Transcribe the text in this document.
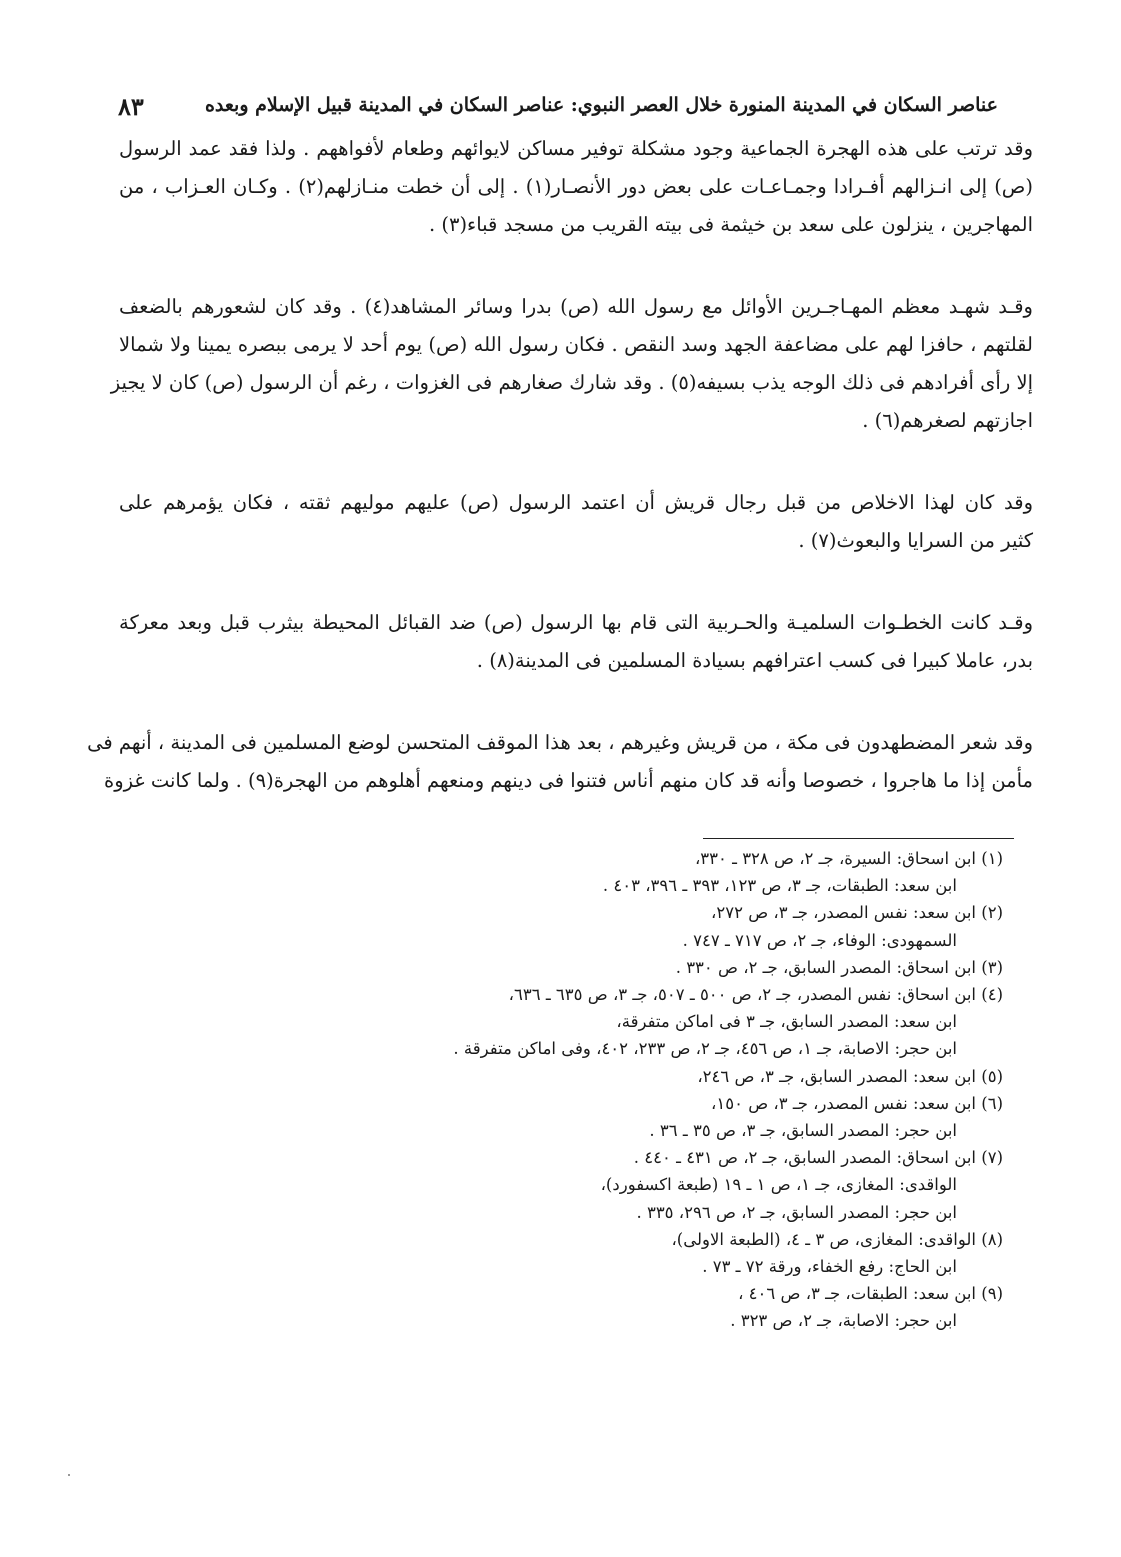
٨٣	عناصر السكان في المدينة المنورة خلال العصر النبوي: عناصر السكان في المدينة قبيل الإسلام وبعده
وقد ترتب على هذه الهجرة الجماعية وجود مشكلة توفير مساكن لايوائهم وطعام لأفواههم . ولذا فقد عمد الرسول
(ص) إلى انـزالهم أفـرادا وجمـاعـات على بعض دور الأنصـار(١) . إلى أن خطت منـازلهم(٢) . وكـان العـزاب ، من
المهاجرين ، ينزلون على سعد بن خيثمة فى بيته القريب من مسجد قباء(٣) .
وقـد شهـد معظم المهـاجـرين الأوائل مع رسول الله (ص) بدرا وسائر المشاهد(٤) . وقد كان لشعورهم بالضعف
لقلتهم ، حافزا لهم على مضاعفة الجهد وسد النقص . فكان رسول الله (ص) يوم أحد لا يرمى ببصره يمينا ولا شمالا
إلا رأى أفرادهم فى ذلك الوجه يذب بسيفه(٥) . وقد شارك صغارهم فى الغزوات ، رغم أن الرسول (ص) كان لا يجيز
اجازتهم لصغرهم(٦) .
وقد كان لهذا الاخلاص من قبل رجال قريش أن اعتمد الرسول (ص) عليهم موليهم ثقته ، فكان يؤمرهم على
كثير من السرايا والبعوث(٧) .
وقـد كانت الخطـوات السلميـة والحـربية التى قام بها الرسول (ص) ضد القبائل المحيطة بيثرب قبل وبعد معركة
بدر، عاملا كبيرا فى كسب اعترافهم بسيادة المسلمين فى المدينة(٨) .
وقد شعر المضطهدون فى مكة ، من قريش وغيرهم ، بعد هذا الموقف المتحسن لوضع المسلمين فى المدينة ، أنهم فى
مأمن إذا ما هاجروا ، خصوصا وأنه قد كان منهم أناس فتنوا فى دينهم ومنعهم أهلوهم من الهجرة(٩) . ولما كانت غزوة
(١) ابن اسحاق: السيرة، جـ ٢، ص ٣٢٨ ـ ٣٣٠،
ابن سعد: الطبقات، جـ ٣، ص ١٢٣، ٣٩٣ ـ ٣٩٦، ٤٠٣ .
(٢) ابن سعد: نفس المصدر، جـ ٣، ص ٢٧٢،
السمهودى: الوفاء، جـ ٢، ص ٧١٧ ـ ٧٤٧ .
(٣) ابن اسحاق: المصدر السابق، جـ ٢، ص ٣٣٠ .
(٤) ابن اسحاق: نفس المصدر، جـ ٢، ص ٥٠٠ ـ ٥٠٧، جـ ٣، ص ٦٣٥ ـ ٦٣٦،
ابن سعد: المصدر السابق، جـ ٣ فى اماكن متفرقة،
ابن حجر: الاصابة، جـ ١، ص ٤٥٦، جـ ٢، ص ٢٣٣، ٤٠٢، وفى اماكن متفرقة .
(٥) ابن سعد: المصدر السابق، جـ ٣، ص ٢٤٦،
(٦) ابن سعد: نفس المصدر، جـ ٣، ص ١٥٠،
ابن حجر: المصدر السابق، جـ ٣، ص ٣٥ ـ ٣٦ .
(٧) ابن اسحاق: المصدر السابق، جـ ٢، ص ٤٣١ ـ ٤٤٠ .
الواقدى: المغازى، جـ ١، ص ١ ـ ١٩ (طبعة اكسفورد)،
ابن حجر: المصدر السابق، جـ ٢، ص ٢٩٦، ٣٣٥ .
(٨) الواقدى: المغازى، ص ٣ ـ ٤، (الطبعة الاولى)،
ابن الحاج: رفع الخفاء، ورقة ٧٢ ـ ٧٣ .
(٩) ابن سعد: الطبقات، جـ ٣، ص ٤٠٦ ،
ابن حجر: الاصابة، جـ ٢، ص ٣٢٣ .
